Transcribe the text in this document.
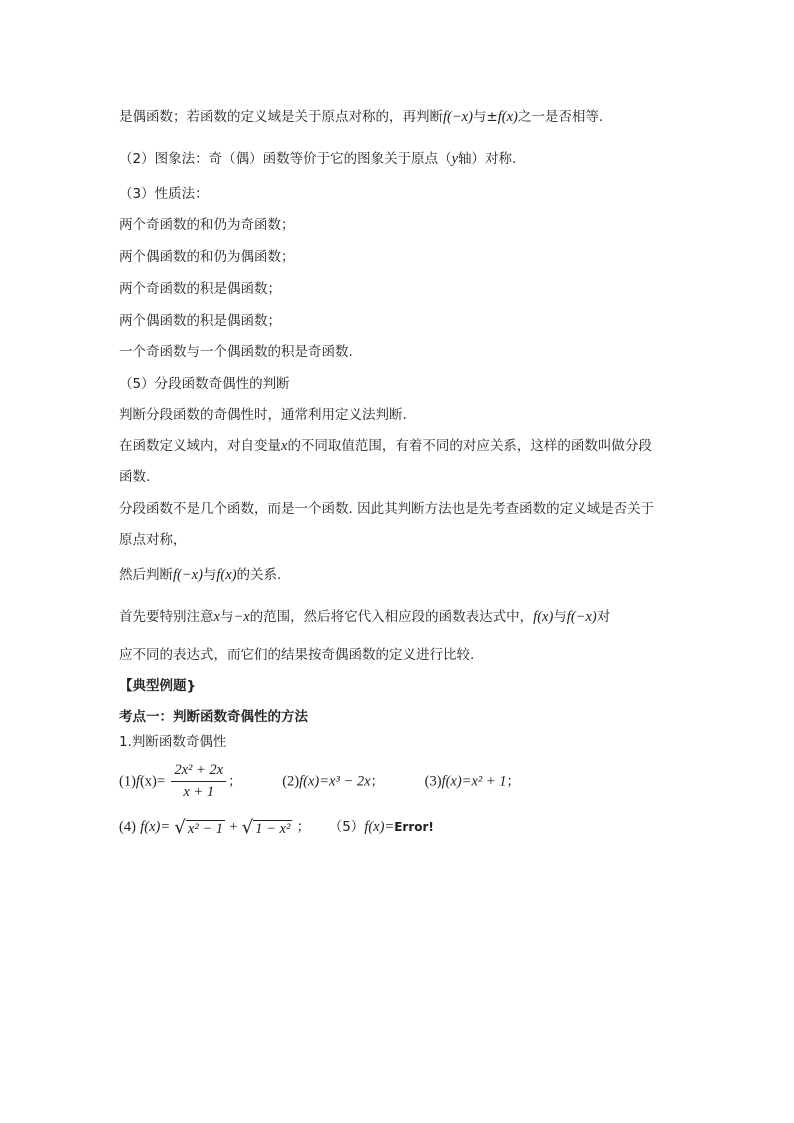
是偶函数；若函数的定义域是关于原点对称的，再判断f(−x)与±f(x)之一是否相等.
（2）图象法：奇（偶）函数等价于它的图象关于原点（y轴）对称.
（3）性质法：
两个奇函数的和仍为奇函数；
两个偶函数的和仍为偶函数；
两个奇函数的积是偶函数；
两个偶函数的积是偶函数；
一个奇函数与一个偶函数的积是奇函数.
（5）分段函数奇偶性的判断
判断分段函数的奇偶性时，通常利用定义法判断.
在函数定义域内，对自变量x的不同取值范围，有着不同的对应关系，这样的函数叫做分段
函数.
分段函数不是几个函数，而是一个函数. 因此其判断方法也是先考查函数的定义域是否关于
原点对称，
然后判断f(−x)与f(x)的关系.
首先要特别注意x与−x的范围，然后将它代入相应段的函数表达式中，f(x)与f(−x)对
应不同的表达式，而它们的结果按奇偶函数的定义进行比较.
【典型例题}
考点一：判断函数奇偶性的方法
1.判断函数奇偶性
$(1)f(x)= \frac{\text{2x² + 2x}}{x + 1}$ ；	(2)f(x)=x³ − 2x；	(3)f(x)=x² + 1；
(4) f(x)= √ x² − 1 + √ 1 − x² ； （5）f(x)=Error!
